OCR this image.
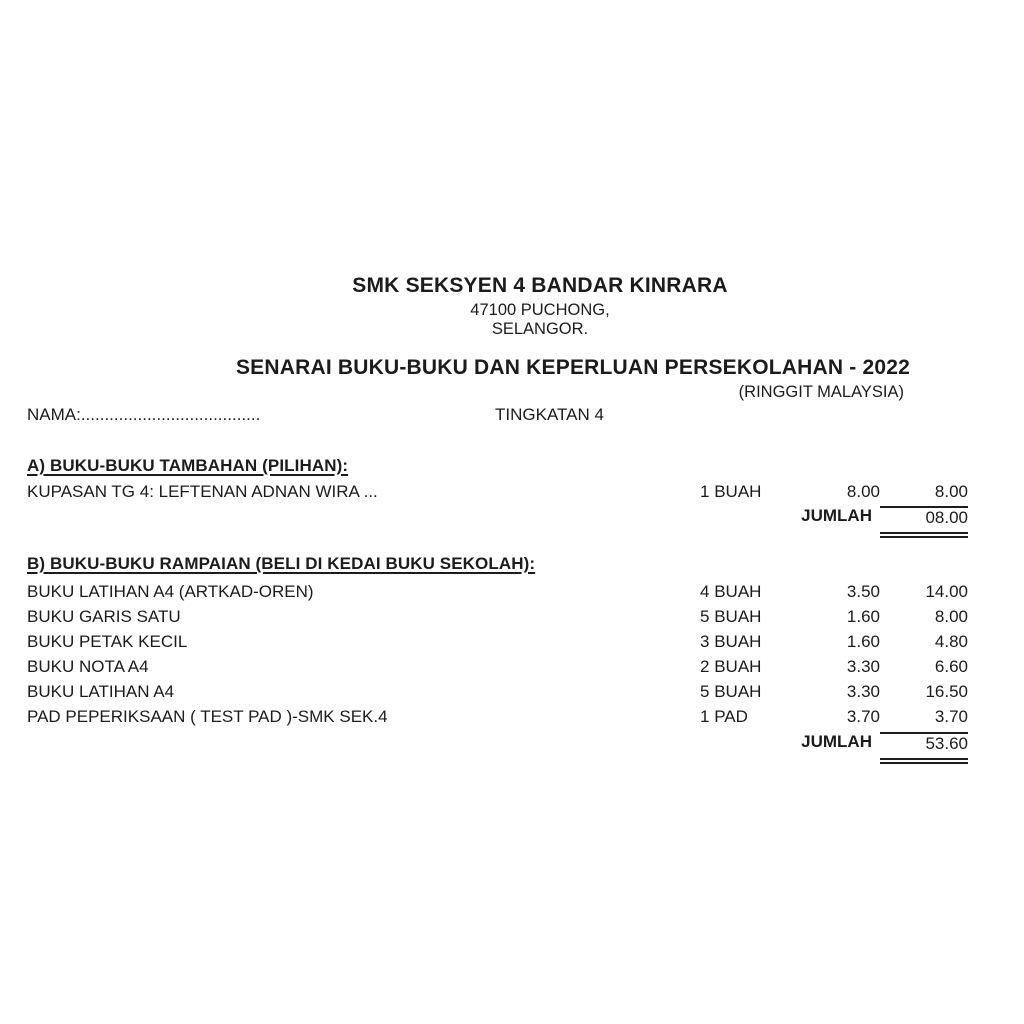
SMK SEKSYEN 4 BANDAR KINRARA
47100 PUCHONG,
SELANGOR.
SENARAI BUKU-BUKU DAN KEPERLUAN PERSEKOLAHAN - 2022
(RINGGIT MALAYSIA)
NAMA:......................................	TINGKATAN 4
A) BUKU-BUKU TAMBAHAN (PILIHAN):
KUPASAN TG 4: LEFTENAN ADNAN WIRA ...	1 BUAH	8.00	8.00
JUMLAH	08.00
B) BUKU-BUKU RAMPAIAN (BELI DI KEDAI BUKU SEKOLAH):
BUKU LATIHAN A4 (ARTKAD-OREN)	4 BUAH	3.50	14.00
BUKU GARIS SATU	5 BUAH	1.60	8.00
BUKU PETAK KECIL	3 BUAH	1.60	4.80
BUKU NOTA A4	2 BUAH	3.30	6.60
BUKU LATIHAN A4	5 BUAH	3.30	16.50
PAD PEPERIKSAAN ( TEST PAD )-SMK SEK.4	1 PAD	3.70	3.70
JUMLAH	53.60
